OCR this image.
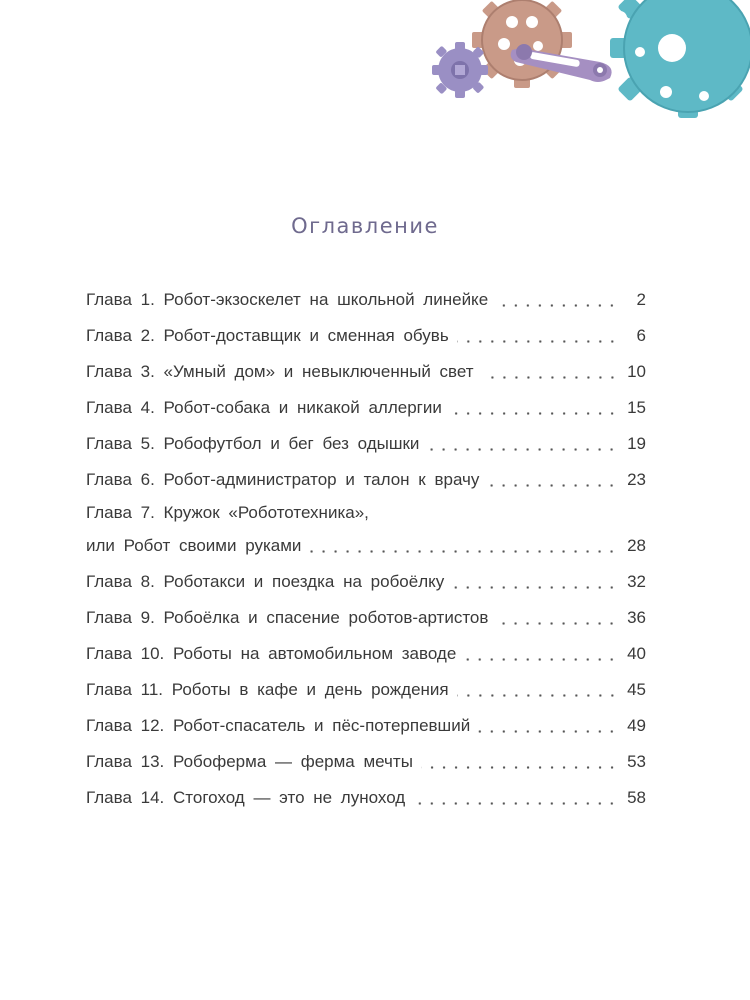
Оглавление
Глава 1. Робот-экзоскелет на школьной линейке	2
Глава 2. Робот-доставщик и сменная обувь	6
Глава 3. «Умный дом» и невыключенный свет	10
Глава 4. Робот-собака и никакой аллергии	15
Глава 5. Робофутбол и бег без одышки	19
Глава 6. Робот-администратор и талон к врачу	23
Глава 7. Кружок «Робототехника»,
или Робот своими руками	28
Глава 8. Роботакси и поездка на робоёлку	32
Глава 9. Робоёлка и спасение роботов-артистов	36
Глава 10. Роботы на автомобильном заводе	40
Глава 11. Роботы в кафе и день рождения	45
Глава 12. Робот-спасатель и пёс-потерпевший	49
Глава 13. Робоферма — ферма мечты	53
Глава 14. Стогоход — это не луноход	58
